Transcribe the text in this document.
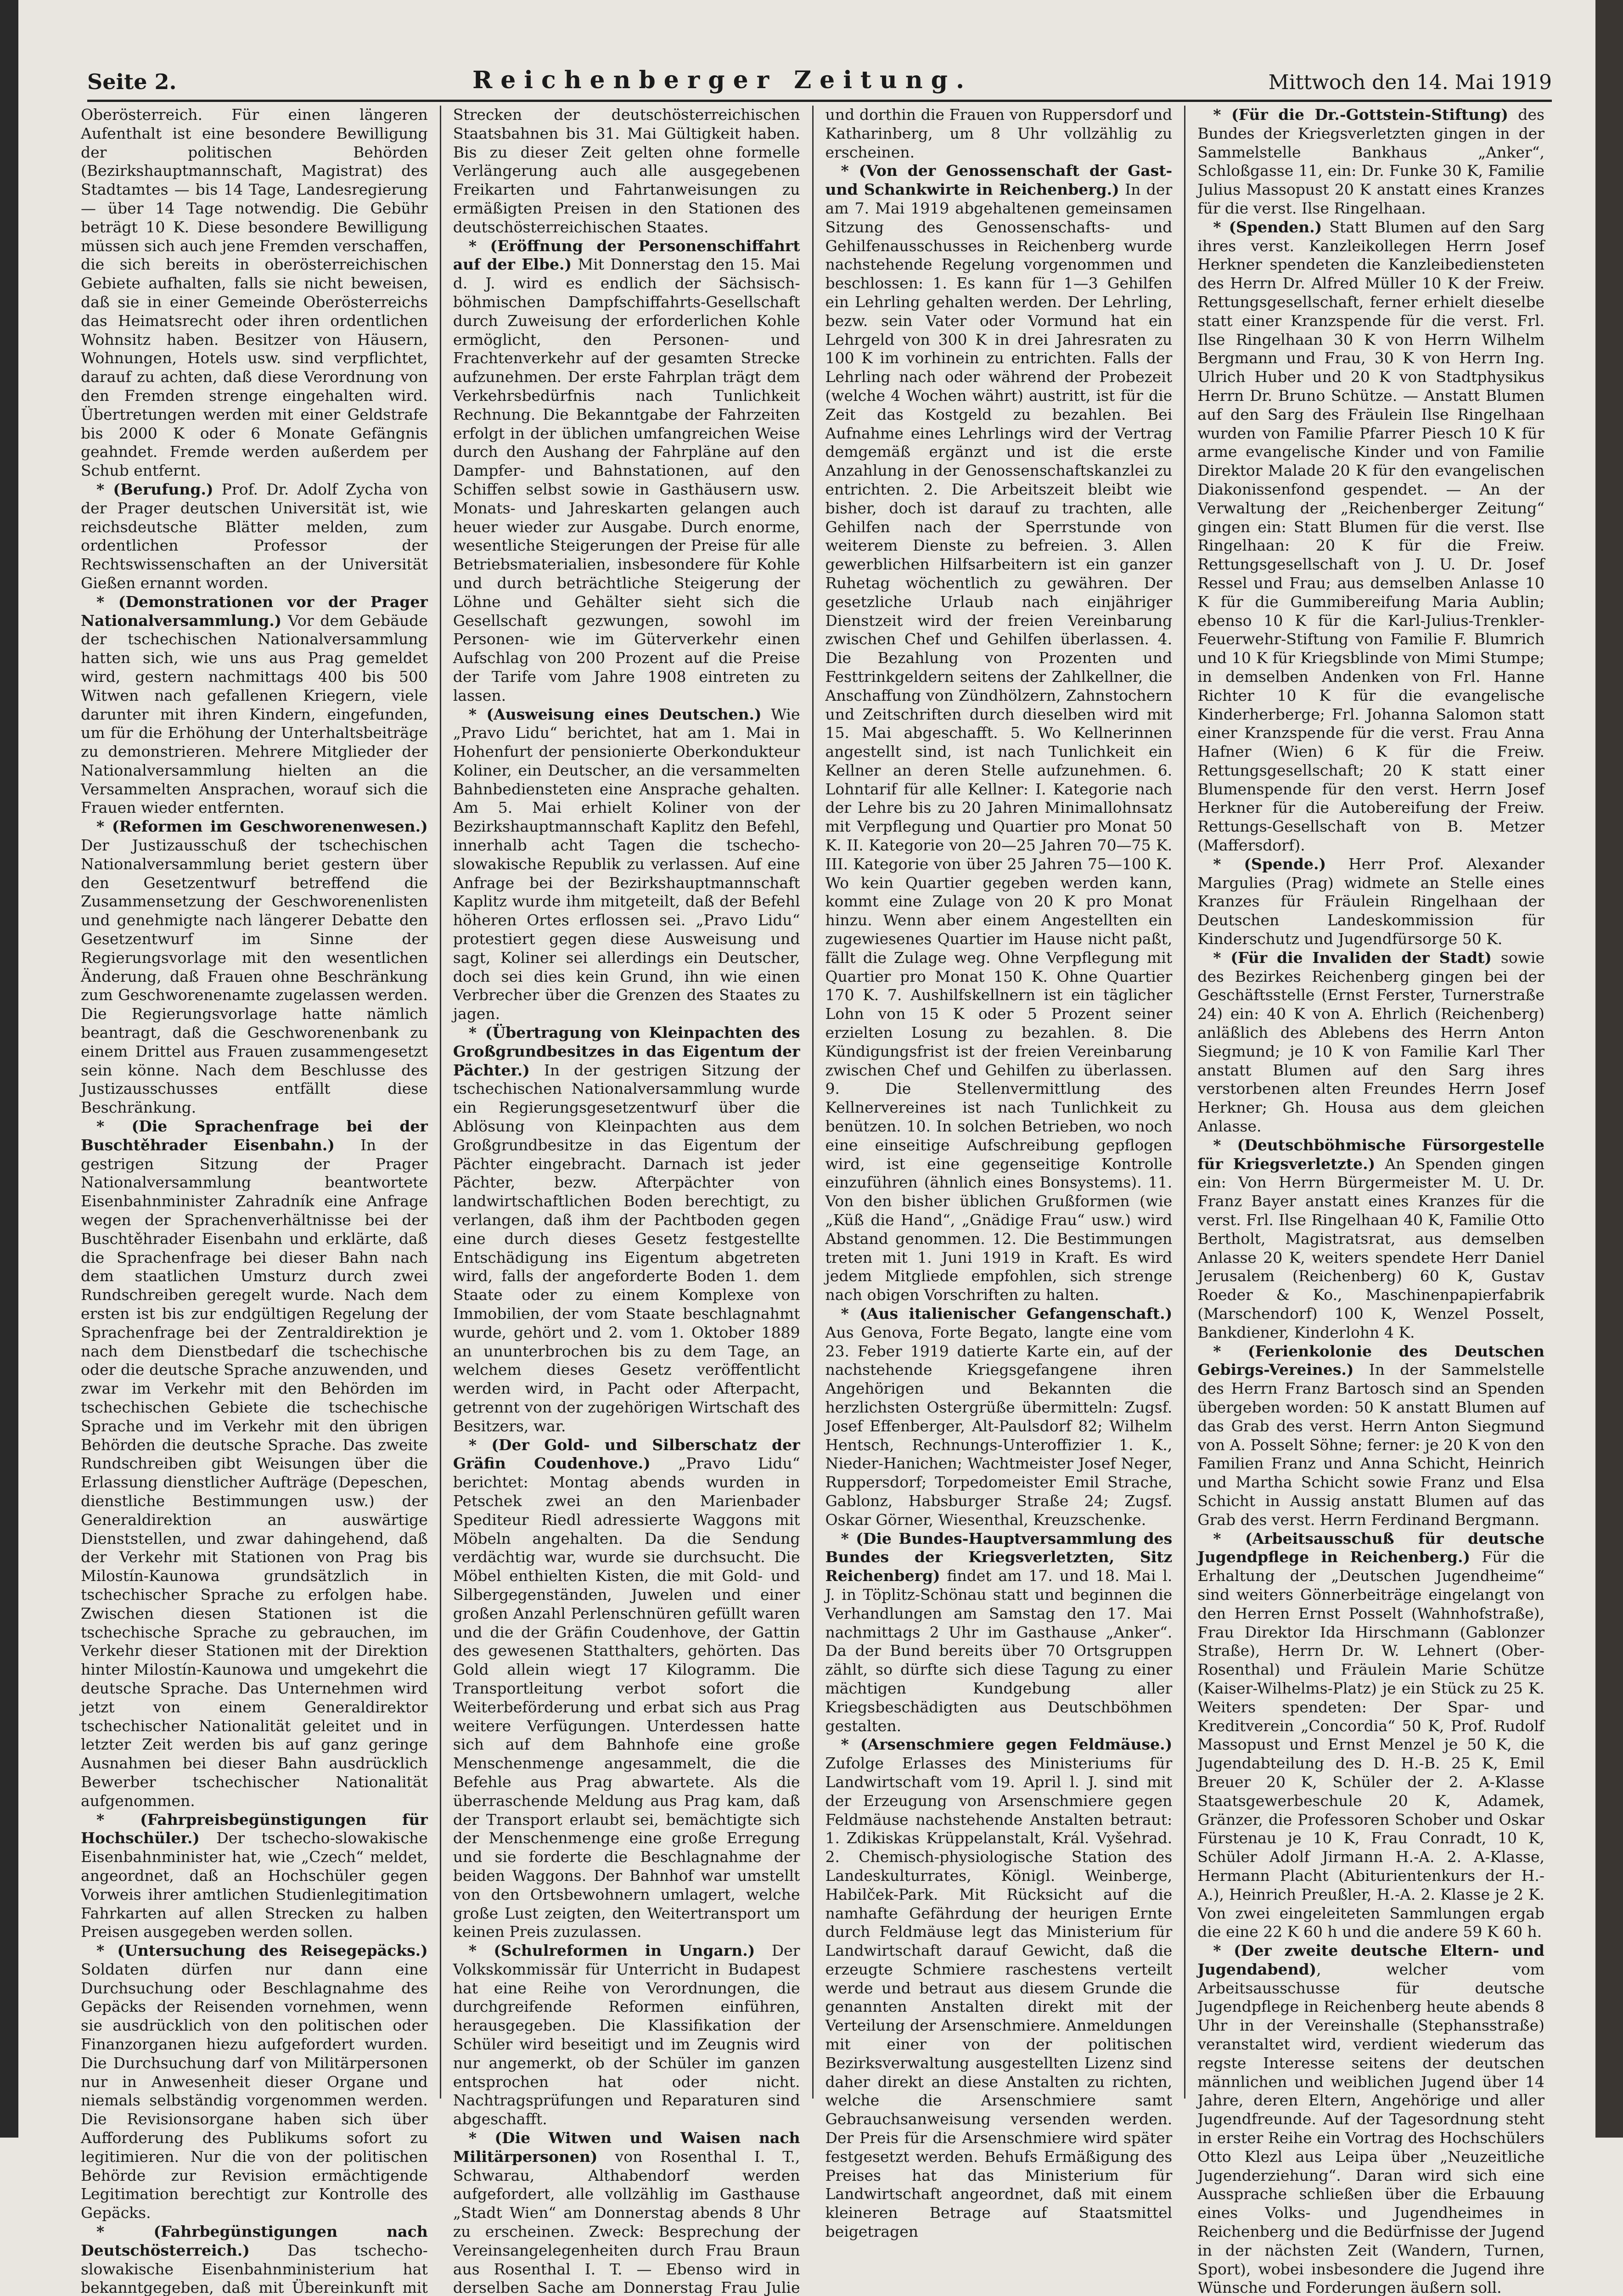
Seite 2.	Reichenberger Zeitung.	Mittwoch den 14. Mai 1919

Oberösterreich. Für einen längeren Aufenthalt ist eine besondere Bewilligung der politischen Behörden (Bezirkshauptmannschaft, Magistrat) des Stadtamtes — bis 14 Tage, Landesregierung — über 14 Tage notwendig. Die Gebühr beträgt 10 K. Diese besondere Bewilligung müssen sich auch jene Fremden verschaffen, die sich bereits in oberösterreichischen Gebiete aufhalten, falls sie nicht beweisen, daß sie in einer Gemeinde Oberösterreichs das Heimatsrecht oder ihren ordentlichen Wohnsitz haben. Besitzer von Häusern, Wohnungen, Hotels usw. sind verpflichtet, darauf zu achten, daß diese Verordnung von den Fremden strenge eingehalten wird. Übertretungen werden mit einer Geldstrafe bis 2000 K oder 6 Monate Gefängnis geahndet. Fremde werden außerdem per Schub entfernt.

* (Berufung.) Prof. Dr. Adolf Zycha von der Prager deutschen Universität ist, wie reichsdeutsche Blätter melden, zum ordentlichen Professor der Rechtswissenschaften an der Universität Gießen ernannt worden.

* (Demonstrationen vor der Prager Nationalversammlung.) Vor dem Gebäude der tschechischen Nationalversammlung hatten sich, wie uns aus Prag gemeldet wird, gestern nachmittags 400 bis 500 Witwen nach gefallenen Kriegern, viele darunter mit ihren Kindern, eingefunden, um für die Erhöhung der Unterhaltsbeiträge zu demonstrieren. Mehrere Mitglieder der Nationalversammlung hielten an die Versammelten Ansprachen, worauf sich die Frauen wieder entfernten.

* (Reformen im Geschworenenwesen.) Der Justizausschuß der tschechischen Nationalversammlung beriet gestern über den Gesetzentwurf betreffend die Zusammensetzung der Geschworenenlisten und genehmigte nach längerer Debatte den Gesetzentwurf im Sinne der Regierungsvorlage mit den wesentlichen Änderung, daß Frauen ohne Beschränkung zum Geschworenenamte zugelassen werden. Die Regierungsvorlage hatte nämlich beantragt, daß die Geschworenenbank zu einem Drittel aus Frauen zusammengesetzt sein könne. Nach dem Beschlusse des Justizausschusses entfällt diese Beschränkung.

* (Die Sprachenfrage bei der Buschtěhrader Eisenbahn.) In der gestrigen Sitzung der Prager Nationalversammlung beantwortete Eisenbahnminister Zahradník eine Anfrage wegen der Sprachenverhältnisse bei der Buschtěhrader Eisenbahn und erklärte, daß die Sprachenfrage bei dieser Bahn nach dem staatlichen Umsturz durch zwei Rundschreiben geregelt wurde. Nach dem ersten ist bis zur endgültigen Regelung der Sprachenfrage bei der Zentraldirektion je nach dem Dienstbedarf die tschechische oder die deutsche Sprache anzuwenden, und zwar im Verkehr mit den Behörden im tschechischen Gebiete die tschechische Sprache und im Verkehr mit den übrigen Behörden die deutsche Sprache. Das zweite Rundschreiben gibt Weisungen über die Erlassung dienstlicher Aufträge (Depeschen, dienstliche Bestimmungen usw.) der Generaldirektion an auswärtige Dienststellen, und zwar dahingehend, daß der Verkehr mit Stationen von Prag bis Milostín-Kaunowa grundsätzlich in tschechischer Sprache zu erfolgen habe. Zwischen diesen Stationen ist die tschechische Sprache zu gebrauchen, im Verkehr dieser Stationen mit der Direktion hinter Milostín-Kaunowa und umgekehrt die deutsche Sprache. Das Unternehmen wird jetzt von einem Generaldirektor tschechischer Nationalität geleitet und in letzter Zeit werden bis auf ganz geringe Ausnahmen bei dieser Bahn ausdrücklich Bewerber tschechischer Nationalität aufgenommen.

* (Fahrpreisbegünstigungen für Hochschüler.) Der tschecho-slowakische Eisenbahnminister hat, wie „Czech“ meldet, angeordnet, daß an Hochschüler gegen Vorweis ihrer amtlichen Studienlegitimation Fahrkarten auf allen Strecken zu halben Preisen ausgegeben werden sollen.

* (Untersuchung des Reisegepäcks.) Soldaten dürfen nur dann eine Durchsuchung oder Beschlagnahme des Gepäcks der Reisenden vornehmen, wenn sie ausdrücklich von den politischen oder Finanzorganen hiezu aufgefordert wurden. Die Durchsuchung darf von Militärpersonen nur in Anwesenheit dieser Organe und niemals selbständig vorgenommen werden. Die Revisionsorgane haben sich über Aufforderung des Publikums sofort zu legitimieren. Nur die von der politischen Behörde zur Revision ermächtigende Legitimation berechtigt zur Kontrolle des Gepäcks.

* (Fahrbegünstigungen nach Deutschösterreich.) Das tschecho-slowakische Eisenbahnministerium hat bekanntgegeben, daß mit Übereinkunft mit

Strecken der deutschösterreichischen Staatsbahnen bis 31. Mai Gültigkeit haben. Bis zu dieser Zeit gelten ohne formelle Verlängerung auch alle ausgegebenen Freikarten und Fahrtanweisungen zu ermäßigten Preisen in den Stationen des deutschösterreichischen Staates.

* (Eröffnung der Personenschiffahrt auf der Elbe.) Mit Donnerstag den 15. Mai d. J. wird es endlich der Sächsisch-böhmischen Dampfschiffahrts-Gesellschaft durch Zuweisung der erforderlichen Kohle ermöglicht, den Personen- und Frachtenverkehr auf der gesamten Strecke aufzunehmen. Der erste Fahrplan trägt dem Verkehrsbedürfnis nach Tunlichkeit Rechnung. Die Bekanntgabe der Fahrzeiten erfolgt in der üblichen umfangreichen Weise durch den Aushang der Fahrpläne auf den Dampfer- und Bahnstationen, auf den Schiffen selbst sowie in Gasthäusern usw. Monats- und Jahreskarten gelangen auch heuer wieder zur Ausgabe. Durch enorme, wesentliche Steigerungen der Preise für alle Betriebsmaterialien, insbesondere für Kohle und durch beträchtliche Steigerung der Löhne und Gehälter sieht sich die Gesellschaft gezwungen, sowohl im Personen- wie im Güterverkehr einen Aufschlag von 200 Prozent auf die Preise der Tarife vom Jahre 1908 eintreten zu lassen.

* (Ausweisung eines Deutschen.) Wie „Pravo Lidu“ berichtet, hat am 1. Mai in Hohenfurt der pensionierte Oberkondukteur Koliner, ein Deutscher, an die versammelten Bahnbediensteten eine Ansprache gehalten. Am 5. Mai erhielt Koliner von der Bezirkshauptmannschaft Kaplitz den Befehl, innerhalb acht Tagen die tschecho-slowakische Republik zu verlassen. Auf eine Anfrage bei der Bezirkshauptmannschaft Kaplitz wurde ihm mitgeteilt, daß der Befehl höheren Ortes erflossen sei. „Pravo Lidu“ protestiert gegen diese Ausweisung und sagt, Koliner sei allerdings ein Deutscher, doch sei dies kein Grund, ihn wie einen Verbrecher über die Grenzen des Staates zu jagen.

* (Übertragung von Kleinpachten des Großgrundbesitzes in das Eigentum der Pächter.) In der gestrigen Sitzung der tschechischen Nationalversammlung wurde ein Regierungsgesetzentwurf über die Ablösung von Kleinpachten aus dem Großgrundbesitze in das Eigentum der Pächter eingebracht. Darnach ist jeder Pächter, bezw. Afterpächter von landwirtschaftlichen Boden berechtigt, zu verlangen, daß ihm der Pachtboden gegen eine durch dieses Gesetz festgestellte Entschädigung ins Eigentum abgetreten wird, falls der angeforderte Boden 1. dem Staate oder zu einem Komplexe von Immobilien, der vom Staate beschlagnahmt wurde, gehört und 2. vom 1. Oktober 1889 an ununterbrochen bis zu dem Tage, an welchem dieses Gesetz veröffentlicht werden wird, in Pacht oder Afterpacht, getrennt von der zugehörigen Wirtschaft des Besitzers, war.

* (Der Gold- und Silberschatz der Gräfin Coudenhove.) „Pravo Lidu“ berichtet: Montag abends wurden in Petschek zwei an den Marienbader Spediteur Riedl adressierte Waggons mit Möbeln angehalten. Da die Sendung verdächtig war, wurde sie durchsucht. Die Möbel enthielten Kisten, die mit Gold- und Silbergegenständen, Juwelen und einer großen Anzahl Perlenschnüren gefüllt waren und die der Gräfin Coudenhove, der Gattin des gewesenen Statthalters, gehörten. Das Gold allein wiegt 17 Kilogramm. Die Transportleitung verbot sofort die Weiterbeförderung und erbat sich aus Prag weitere Verfügungen. Unterdessen hatte sich auf dem Bahnhofe eine große Menschenmenge angesammelt, die die Befehle aus Prag abwartete. Als die überraschende Meldung aus Prag kam, daß der Transport erlaubt sei, bemächtigte sich der Menschenmenge eine große Erregung und sie forderte die Beschlagnahme der beiden Waggons. Der Bahnhof war umstellt von den Ortsbewohnern umlagert, welche große Lust zeigten, den Weitertransport um keinen Preis zuzulassen.

* (Schulreformen in Ungarn.) Der Volkskommissär für Unterricht in Budapest hat eine Reihe von Verordnungen, die durchgreifende Reformen einführen, herausgegeben. Die Klassifikation der Schüler wird beseitigt und im Zeugnis wird nur angemerkt, ob der Schüler im ganzen entsprochen hat oder nicht. Nachtragsprüfungen und Reparaturen sind abgeschafft.

* (Die Witwen und Waisen nach Militärpersonen) von Rosenthal I. T., Schwarau, Althabendorf werden aufgefordert, alle vollzählig im Gasthause „Stadt Wien“ am Donnerstag abends 8 Uhr zu erscheinen. Zweck: Besprechung der Vereinsangelegenheiten durch Frau Braun aus Rosenthal I. T. — Ebenso wird in derselben Sache am Donnerstag Frau Julie

und dorthin die Frauen von Ruppersdorf und Katharinberg, um 8 Uhr vollzählig zu erscheinen.

* (Von der Genossenschaft der Gast- und Schankwirte in Reichenberg.) In der am 7. Mai 1919 abgehaltenen gemeinsamen Sitzung des Genossenschafts- und Gehilfenausschusses in Reichenberg wurde nachstehende Regelung vorgenommen und beschlossen: 1. Es kann für 1—3 Gehilfen ein Lehrling gehalten werden. Der Lehrling, bezw. sein Vater oder Vormund hat ein Lehrgeld von 300 K in drei Jahresraten zu 100 K im vorhinein zu entrichten. Falls der Lehrling nach oder während der Probezeit (welche 4 Wochen währt) austritt, ist für die Zeit das Kostgeld zu bezahlen. Bei Aufnahme eines Lehrlings wird der Vertrag demgemäß ergänzt und ist die erste Anzahlung in der Genossenschaftskanzlei zu entrichten. 2. Die Arbeitszeit bleibt wie bisher, doch ist darauf zu trachten, alle Gehilfen nach der Sperrstunde von weiterem Dienste zu befreien. 3. Allen gewerblichen Hilfsarbeitern ist ein ganzer Ruhetag wöchentlich zu gewähren. Der gesetzliche Urlaub nach einjähriger Dienstzeit wird der freien Vereinbarung zwischen Chef und Gehilfen überlassen. 4. Die Bezahlung von Prozenten und Festtrinkgeldern seitens der Zahlkellner, die Anschaffung von Zündhölzern, Zahnstochern und Zeitschriften durch dieselben wird mit 15. Mai abgeschafft. 5. Wo Kellnerinnen angestellt sind, ist nach Tunlichkeit ein Kellner an deren Stelle aufzunehmen. 6. Lohntarif für alle Kellner: I. Kategorie nach der Lehre bis zu 20 Jahren Minimallohnsatz mit Verpflegung und Quartier pro Monat 50 K. II. Kategorie von 20—25 Jahren 70—75 K. III. Kategorie von über 25 Jahren 75—100 K. Wo kein Quartier gegeben werden kann, kommt eine Zulage von 20 K pro Monat hinzu. Wenn aber einem Angestellten ein zugewiesenes Quartier im Hause nicht paßt, fällt die Zulage weg. Ohne Verpflegung mit Quartier pro Monat 150 K. Ohne Quartier 170 K. 7. Aushilfskellnern ist ein täglicher Lohn von 15 K oder 5 Prozent seiner erzielten Losung zu bezahlen. 8. Die Kündigungsfrist ist der freien Vereinbarung zwischen Chef und Gehilfen zu überlassen. 9. Die Stellenvermittlung des Kellnervereines ist nach Tunlichkeit zu benützen. 10. In solchen Betrieben, wo noch eine einseitige Aufschreibung gepflogen wird, ist eine gegenseitige Kontrolle einzuführen (ähnlich eines Bonsystems). 11. Von den bisher üblichen Grußformen (wie „Küß die Hand“, „Gnädige Frau“ usw.) wird Abstand genommen. 12. Die Bestimmungen treten mit 1. Juni 1919 in Kraft. Es wird jedem Mitgliede empfohlen, sich strenge nach obigen Vorschriften zu halten.

* (Aus italienischer Gefangenschaft.) Aus Genova, Forte Begato, langte eine vom 23. Feber 1919 datierte Karte ein, auf der nachstehende Kriegsgefangene ihren Angehörigen und Bekannten die herzlichsten Ostergrüße übermitteln: Zugsf. Josef Effenberger, Alt-Paulsdorf 82; Wilhelm Hentsch, Rechnungs-Unteroffizier 1. K., Nieder-Hanichen; Wachtmeister Josef Neger, Ruppersdorf; Torpedomeister Emil Strache, Gablonz, Habsburger Straße 24; Zugsf. Oskar Görner, Wiesenthal, Kreuzschenke.

* (Die Bundes-Hauptversammlung des Bundes der Kriegsverletzten, Sitz Reichenberg) findet am 17. und 18. Mai l. J. in Töplitz-Schönau statt und beginnen die Verhandlungen am Samstag den 17. Mai nachmittags 2 Uhr im Gasthause „Anker“. Da der Bund bereits über 70 Ortsgruppen zählt, so dürfte sich diese Tagung zu einer mächtigen Kundgebung aller Kriegsbeschädigten aus Deutschböhmen gestalten.

* (Arsenschmiere gegen Feldmäuse.) Zufolge Erlasses des Ministeriums für Landwirtschaft vom 19. April l. J. sind mit der Erzeugung von Arsenschmiere gegen Feldmäuse nachstehende Anstalten betraut: 1. Zdikiskas Krüppelanstalt, Král. Vyšehrad. 2. Chemisch-physiologische Station des Landeskulturrates, Königl. Weinberge, Habilček-Park. Mit Rücksicht auf die namhafte Gefährdung der heurigen Ernte durch Feldmäuse legt das Ministerium für Landwirtschaft darauf Gewicht, daß die erzeugte Schmiere raschestens verteilt werde und betraut aus diesem Grunde die genannten Anstalten direkt mit der Verteilung der Arsenschmiere. Anmeldungen mit einer von der politischen Bezirksverwaltung ausgestellten Lizenz sind daher direkt an diese Anstalten zu richten, welche die Arsenschmiere samt Gebrauchsanweisung versenden werden. Der Preis für die Arsenschmiere wird später festgesetzt werden. Behufs Ermäßigung des Preises hat das Ministerium für Landwirtschaft angeordnet, daß mit einem kleineren Betrage auf Staatsmittel beigetragen

* (Für die Dr.-Gottstein-Stiftung) des Bundes der Kriegsverletzten gingen in der Sammelstelle Bankhaus „Anker“, Schloßgasse 11, ein: Dr. Funke 30 K, Familie Julius Massopust 20 K anstatt eines Kranzes für die verst. Ilse Ringelhaan.

* (Spenden.) Statt Blumen auf den Sarg ihres verst. Kanzleikollegen Herrn Josef Herkner spendeten die Kanzleibediensteten des Herrn Dr. Alfred Müller 10 K der Freiw. Rettungsgesellschaft, ferner erhielt dieselbe statt einer Kranzspende für die verst. Frl. Ilse Ringelhaan 30 K von Herrn Wilhelm Bergmann und Frau, 30 K von Herrn Ing. Ulrich Huber und 20 K von Stadtphysikus Herrn Dr. Bruno Schütze. — Anstatt Blumen auf den Sarg des Fräulein Ilse Ringelhaan wurden von Familie Pfarrer Piesch 10 K für arme evangelische Kinder und von Familie Direktor Malade 20 K für den evangelischen Diakonissenfond gespendet. — An der Verwaltung der „Reichenberger Zeitung“ gingen ein: Statt Blumen für die verst. Ilse Ringelhaan: 20 K für die Freiw. Rettungsgesellschaft von J. U. Dr. Josef Ressel und Frau; aus demselben Anlasse 10 K für die Gummibereifung Maria Aublin; ebenso 10 K für die Karl-Julius-Trenkler-Feuerwehr-Stiftung von Familie F. Blumrich und 10 K für Kriegsblinde von Mimi Stumpe; in demselben Andenken von Frl. Hanne Richter 10 K für die evangelische Kinderherberge; Frl. Johanna Salomon statt einer Kranzspende für die verst. Frau Anna Hafner (Wien) 6 K für die Freiw. Rettungsgesellschaft; 20 K statt einer Blumenspende für den verst. Herrn Josef Herkner für die Autobereifung der Freiw. Rettungs-Gesellschaft von B. Metzer (Maffersdorf).

* (Spende.) Herr Prof. Alexander Margulies (Prag) widmete an Stelle eines Kranzes für Fräulein Ringelhaan der Deutschen Landeskommission für Kinderschutz und Jugendfürsorge 50 K.

* (Für die Invaliden der Stadt) sowie des Bezirkes Reichenberg gingen bei der Geschäftsstelle (Ernst Ferster, Turnerstraße 24) ein: 40 K von A. Ehrlich (Reichenberg) anläßlich des Ablebens des Herrn Anton Siegmund; je 10 K von Familie Karl Ther anstatt Blumen auf den Sarg ihres verstorbenen alten Freundes Herrn Josef Herkner; Gh. Housa aus dem gleichen Anlasse.

* (Deutschböhmische Fürsorgestelle für Kriegsverletzte.) An Spenden gingen ein: Von Herrn Bürgermeister M. U. Dr. Franz Bayer anstatt eines Kranzes für die verst. Frl. Ilse Ringelhaan 40 K, Familie Otto Bertholt, Magistratsrat, aus demselben Anlasse 20 K, weiters spendete Herr Daniel Jerusalem (Reichenberg) 60 K, Gustav Roeder & Ko., Maschinenpapierfabrik (Marschendorf) 100 K, Wenzel Posselt, Bankdiener, Kinderlohn 4 K.

* (Ferienkolonie des Deutschen Gebirgs-Vereines.) In der Sammelstelle des Herrn Franz Bartosch sind an Spenden übergeben worden: 50 K anstatt Blumen auf das Grab des verst. Herrn Anton Siegmund von A. Posselt Söhne; ferner: je 20 K von den Familien Franz und Anna Schicht, Heinrich und Martha Schicht sowie Franz und Elsa Schicht in Aussig anstatt Blumen auf das Grab des verst. Herrn Ferdinand Bergmann.

* (Arbeitsausschuß für deutsche Jugendpflege in Reichenberg.) Für die Erhaltung der „Deutschen Jugendheime“ sind weiters Gönnerbeiträge eingelangt von den Herren Ernst Posselt (Wahnhofstraße), Frau Direktor Ida Hirschmann (Gablonzer Straße), Herrn Dr. W. Lehnert (Ober-Rosenthal) und Fräulein Marie Schütze (Kaiser-Wilhelms-Platz) je ein Stück zu 25 K. Weiters spendeten: Der Spar- und Kreditverein „Concordia“ 50 K, Prof. Rudolf Massopust und Ernst Menzel je 50 K, die Jugendabteilung des D. H.-B. 25 K, Emil Breuer 20 K, Schüler der 2. A-Klasse Staatsgewerbeschule 20 K, Adamek, Gränzer, die Professoren Schober und Oskar Fürstenau je 10 K, Frau Conradt, 10 K, Schüler Adolf Jirmann H.-A. 2. A-Klasse, Hermann Placht (Abiturientenkurs der H.-A.), Heinrich Preußler, H.-A. 2. Klasse je 2 K. Von zwei eingeleiteten Sammlungen ergab die eine 22 K 60 h und die andere 59 K 60 h.

* (Der zweite deutsche Eltern- und Jugendabend), welcher vom Arbeitsausschusse für deutsche Jugendpflege in Reichenberg heute abends 8 Uhr in der Vereinshalle (Stephansstraße) veranstaltet wird, verdient wiederum das regste Interesse seitens der deutschen männlichen und weiblichen Jugend über 14 Jahre, deren Eltern, Angehörige und aller Jugendfreunde. Auf der Tagesordnung steht in erster Reihe ein Vortrag des Hochschülers Otto Klezl aus Leipa über „Neuzeitliche Jugenderziehung“. Daran wird sich eine Aussprache schließen über die Erbauung eines Volks- und Jugendheimes in Reichenberg und die Bedürfnisse der Jugend in der nächsten Zeit (Wandern, Turnen, Sport), wobei insbesondere die Jugend ihre Wünsche und Forderungen äußern soll.
